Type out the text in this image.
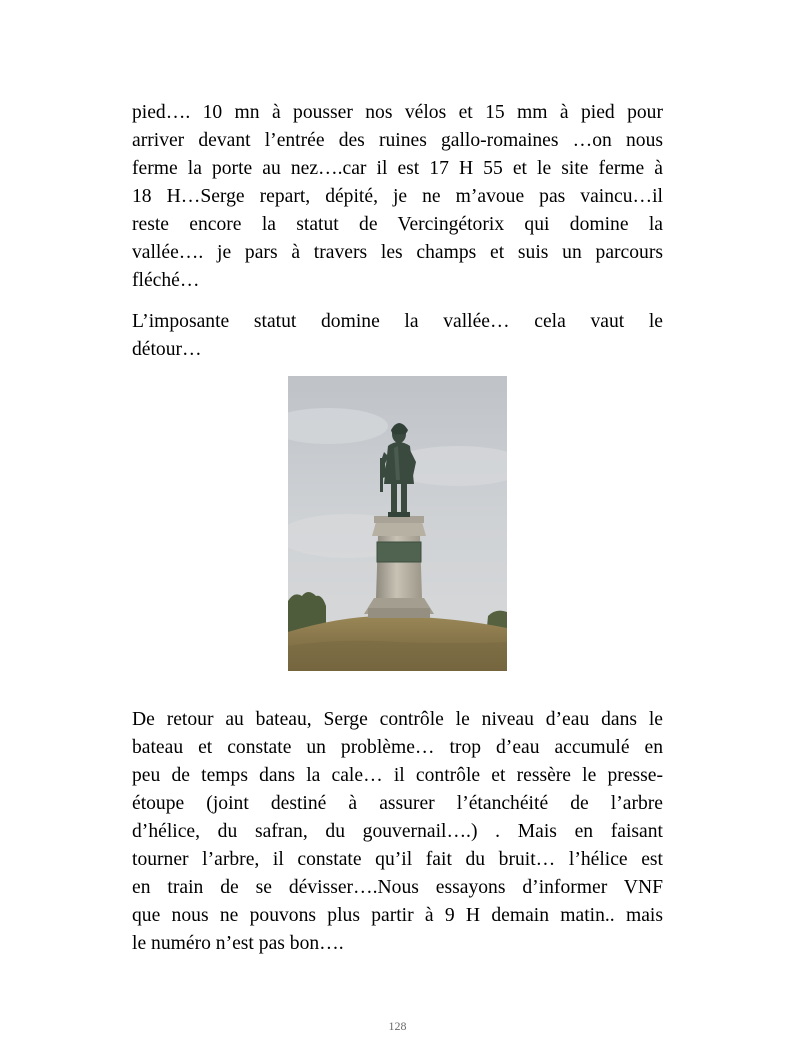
pied…. 10 mn à pousser nos vélos et 15 mm à pied pour
arriver devant l’entrée des ruines gallo-romaines …on nous
ferme la porte au nez….car il est 17 H 55 et le site ferme à
18 H…Serge repart, dépité, je ne m’avoue pas vaincu…il
reste encore la statut de Vercingétorix qui domine la
vallée…. je pars à travers les champs et suis un parcours
fléché…

L’imposante statut domine la vallée… cela vaut le
détour…

De retour au bateau, Serge contrôle le niveau d’eau dans le
bateau et constate un problème… trop d’eau accumulé en
peu de temps dans la cale… il contrôle et ressère le presse-
étoupe (joint destiné à assurer l’étanchéité de l’arbre
d’hélice, du safran, du gouvernail….) . Mais en faisant
tourner l’arbre, il constate qu’il fait du bruit… l’hélice est
en train de se dévisser….Nous essayons d’informer VNF
que nous ne pouvons plus partir à 9 H demain matin.. mais
le numéro n’est pas bon….

128
